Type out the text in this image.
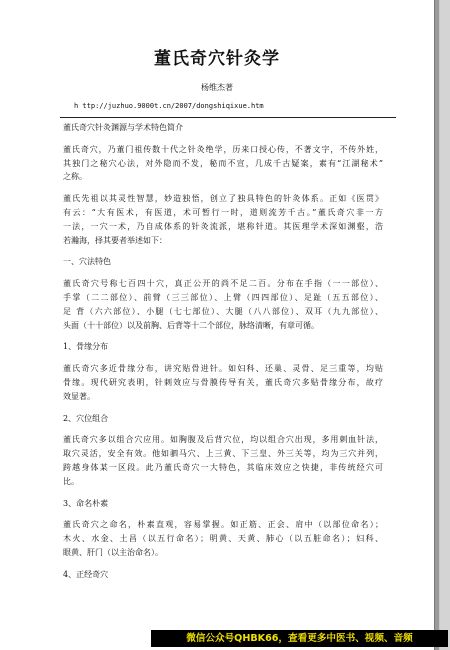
董氏奇穴针灸学
杨维杰著
h ttp://juzhuo.9000t.cn/2007/dongshiqixue.htm
董氏奇穴针灸渊源与学术特色简介
董氏奇穴，乃董门祖传数十代之针灸绝学，历来口授心传，不著文字，不传外姓，
其独门之秘穴心法，对外隐而不发，秘而不宣，几成千古疑案，素有“江湖秘术”
之称。
董氏先祖以其灵性智慧，妙造独悟，创立了独具特色的针灸体系。正如《医贯》
有云：“大有医术，有医道，术可暂行一时，道则流芳千古。”董氏奇穴非一方
一法，一穴一术，乃自成体系的针灸流派，堪称针道。其医理学术深如渊壑，浩
若瀚海，择其要者举述如下：
一、穴法特色
董氏奇穴号称七百四十穴，真正公开的尚不足二百。分布在手指（一一部位）、
手掌（二二部位）、前臂（三三部位）、上臂（四四部位）、足趾（五五部位）、
足 背（六六部位）、小腿（七七部位）、大腿（八八部位）、双耳（九九部位）、
头面（十十部位）以及前胸、后背等十二个部位，脉络清晰，有章可循。
1、骨缘分布
董氏奇穴多近骨缘分布，讲究贴骨进针。如妇科、还巢、灵骨、足三重等，均贴
骨缘。现代研究表明，针刺效应与骨膜传导有关，董氏奇穴多贴骨缘分布，故疗
效显著。
2、穴位组合
董氏奇穴多以组合穴应用。如胸腹及后背穴位，均以组合穴出现，多用刺血针法，
取穴灵活，安全有效。他如驷马穴、上三黄、下三皇、外三关等，均为三穴并列，
跨越身体某一区段。此乃董氏奇穴一大特色，其临床效应之快捷，非传统经穴可
比。
3、命名朴素
董氏奇穴之命名，朴素直观，容易掌握。如正筋、正会、肩中（以部位命名）；
木火、水金、土昌（以五行命名）；明黄、天黄、肺心（以五脏命名）；妇科、
眼黄、肝门（以主治命名）。
4、正经奇穴
微信公众号QHBK66，查看更多中医书、视频、音频
